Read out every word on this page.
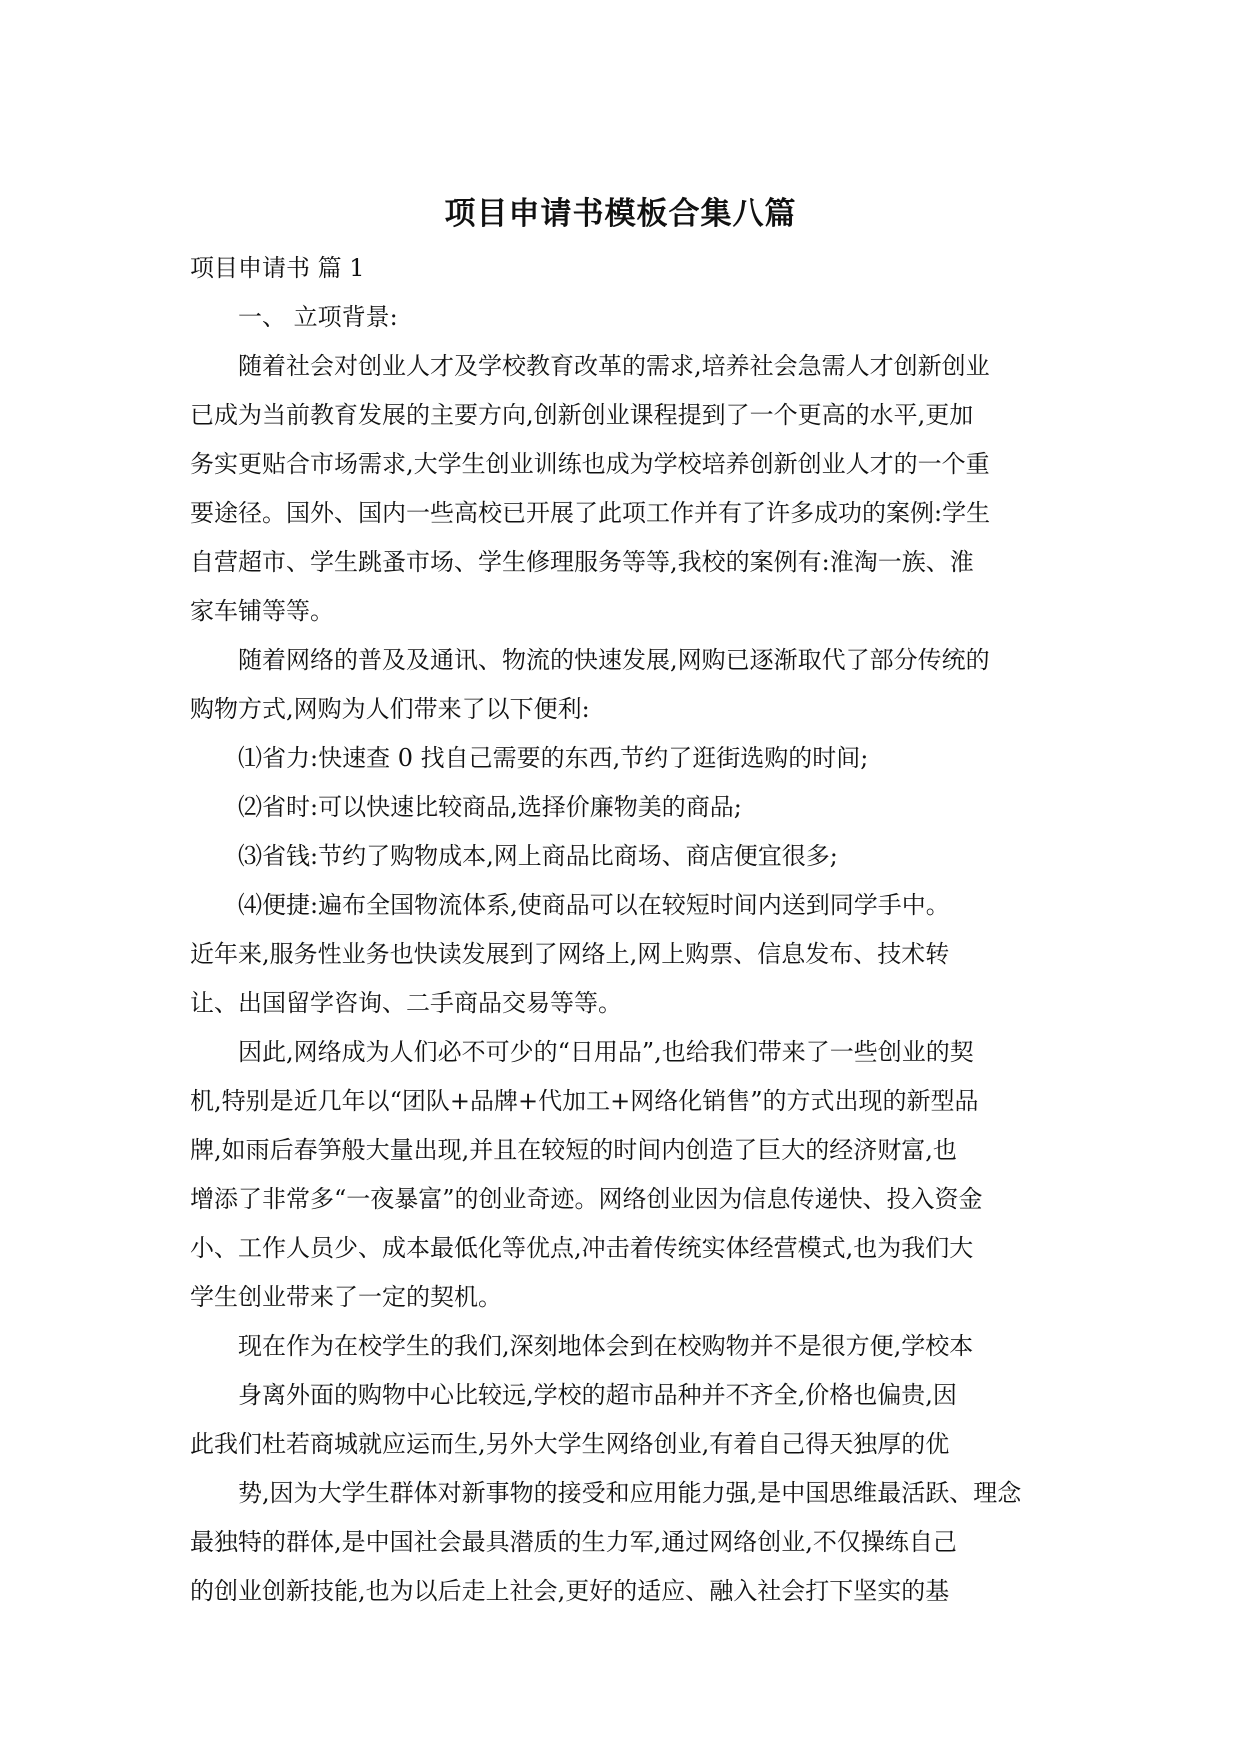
项目申请书模板合集八篇

项目申请书 篇 1

一、 立项背景:

随着社会对创业人才及学校教育改革的需求,培养社会急需人才创新创业

已成为当前教育发展的主要方向,创新创业课程提到了一个更高的水平,更加

务实更贴合市场需求,大学生创业训练也成为学校培养创新创业人才的一个重

要途径。国外、国内一些高校已开展了此项工作并有了许多成功的案例:学生

自营超市、学生跳蚤市场、学生修理服务等等,我校的案例有:淮淘一族、淮

家车铺等等。

随着网络的普及及通讯、物流的快速发展,网购已逐渐取代了部分传统的

购物方式,网购为人们带来了以下便利:

⑴省力:快速查 0 找自己需要的东西,节约了逛街选购的时间;

⑵省时:可以快速比较商品,选择价廉物美的商品;

⑶省钱:节约了购物成本,网上商品比商场、商店便宜很多;

⑷便捷:遍布全国物流体系,使商品可以在较短时间内送到同学手中。

近年来,服务性业务也快读发展到了网络上,网上购票、信息发布、技术转

让、出国留学咨询、二手商品交易等等。

因此,网络成为人们必不可少的“日用品”,也给我们带来了一些创业的契

机,特别是近几年以“团队+品牌+代加工+网络化销售”的方式出现的新型品

牌,如雨后春笋般大量出现,并且在较短的时间内创造了巨大的经济财富,也

增添了非常多“一夜暴富”的创业奇迹。网络创业因为信息传递快、投入资金

小、工作人员少、成本最低化等优点,冲击着传统实体经营模式,也为我们大

学生创业带来了一定的契机。

现在作为在校学生的我们,深刻地体会到在校购物并不是很方便,学校本

身离外面的购物中心比较远,学校的超市品种并不齐全,价格也偏贵,因

此我们杜若商城就应运而生,另外大学生网络创业,有着自己得天独厚的优

势,因为大学生群体对新事物的接受和应用能力强,是中国思维最活跃、理念

最独特的群体,是中国社会最具潜质的生力军,通过网络创业,不仅操练自己

的创业创新技能,也为以后走上社会,更好的适应、融入社会打下坚实的基
